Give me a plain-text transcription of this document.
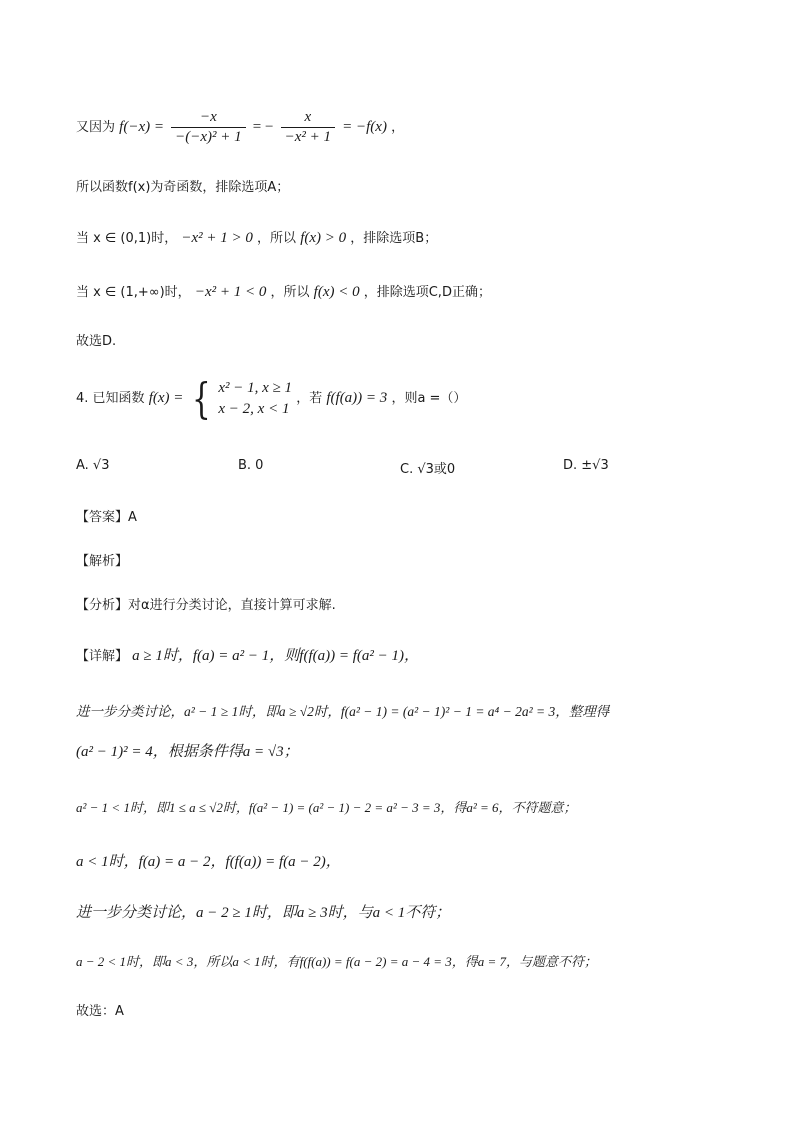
又因为 $f(-x) = \frac{-x}{\text{−(−x)² + 1}}$ = − $\frac{x}{\text{−x² + 1}} = -f(x)$ ，
所以函数f(x)为奇函数，排除选项A；
当 x ∈ (0,1)时， −x² + 1 > 0 ，所以 f(x) > 0 ，排除选项B；
当 x ∈ (1,+∞)时， −x² + 1 < 0 ，所以 f(x) < 0 ，排除选项C,D正确；
故选D.
4. 已知函数 f(x) = { x² − 1, x ≥ 1
x − 2, x < 1
，若 f(f(a)) = 3 ，则a =（）
A. √3	B. 0	C. √3或0	D. ±√3
【答案】A
【解析】
【分析】对α进行分类讨论，直接计算可求解.
【详解】 a ≥ 1时，f(a) = a² − 1，则f(f(a)) = f(a² − 1)，
进一步分类讨论，a² − 1 ≥ 1时，即a ≥ √2时，f(a² − 1) = (a² − 1)² − 1 = a⁴ − 2a² = 3，整理得
(a² − 1)² = 4，根据条件得a = √3；
a² − 1 < 1时，即1 ≤ a ≤ √2时，f(a² − 1) = (a² − 1) − 2 = a² − 3 = 3，得a² = 6，不符题意；
a < 1时，f(a) = a − 2，f(f(a)) = f(a − 2)，
进一步分类讨论，a − 2 ≥ 1时，即a ≥ 3时，与a < 1不符；
a − 2 < 1时，即a < 3，所以a < 1时，有f(f(a)) = f(a − 2) = a − 4 = 3，得a = 7，与题意不符；
故选：A
